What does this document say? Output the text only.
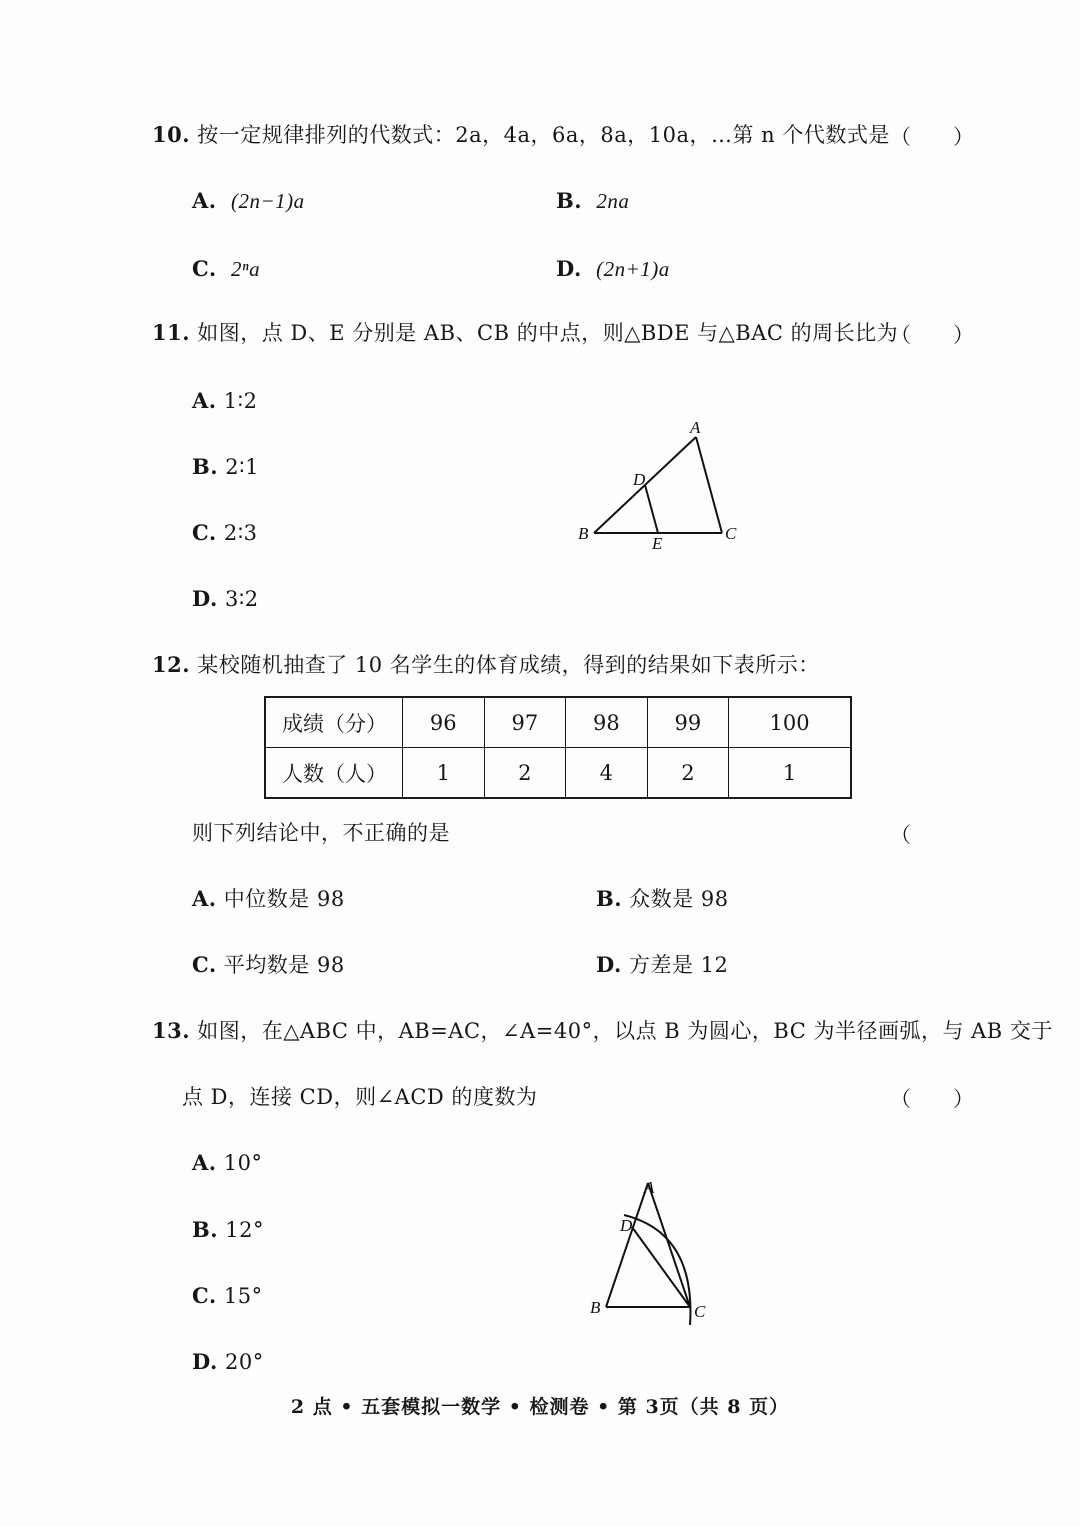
10. 按一定规律排列的代数式：2a，4a，6a，8a，10a，…第 n 个代数式是 （　　）
A. (2n−1)a	B. 2na
C. 2ⁿa	D. (2n+1)a
11. 如图，点 D、E 分别是 AB、CB 的中点，则△BDE 与△BAC 的周长比为
（　　）
A. 1∶2
B. 2∶1
C. 2∶3
D. 3∶2
A
B	C
D
E
12. 某校随机抽查了 10 名学生的体育成绩，得到的结果如下表所示：
成绩（分）	96	97	98	99	100
人数（人）	1	2	4	2	1
则下列结论中，不正确的是	（
A. 中位数是 98	B. 众数是 98
C. 平均数是 98	D. 方差是 12
13. 如图，在△ABC 中，AB=AC，∠A=40°，以点 B 为圆心，BC 为半径画弧，与 AB 交于
点 D，连接 CD，则∠ACD 的度数为	（　　）
A. 10°
B. 12°
C. 15°
D. 20°
A
B	C
D
2 点 • 五套模拟一数学 • 检测卷 • 第 3页（共 8 页）
